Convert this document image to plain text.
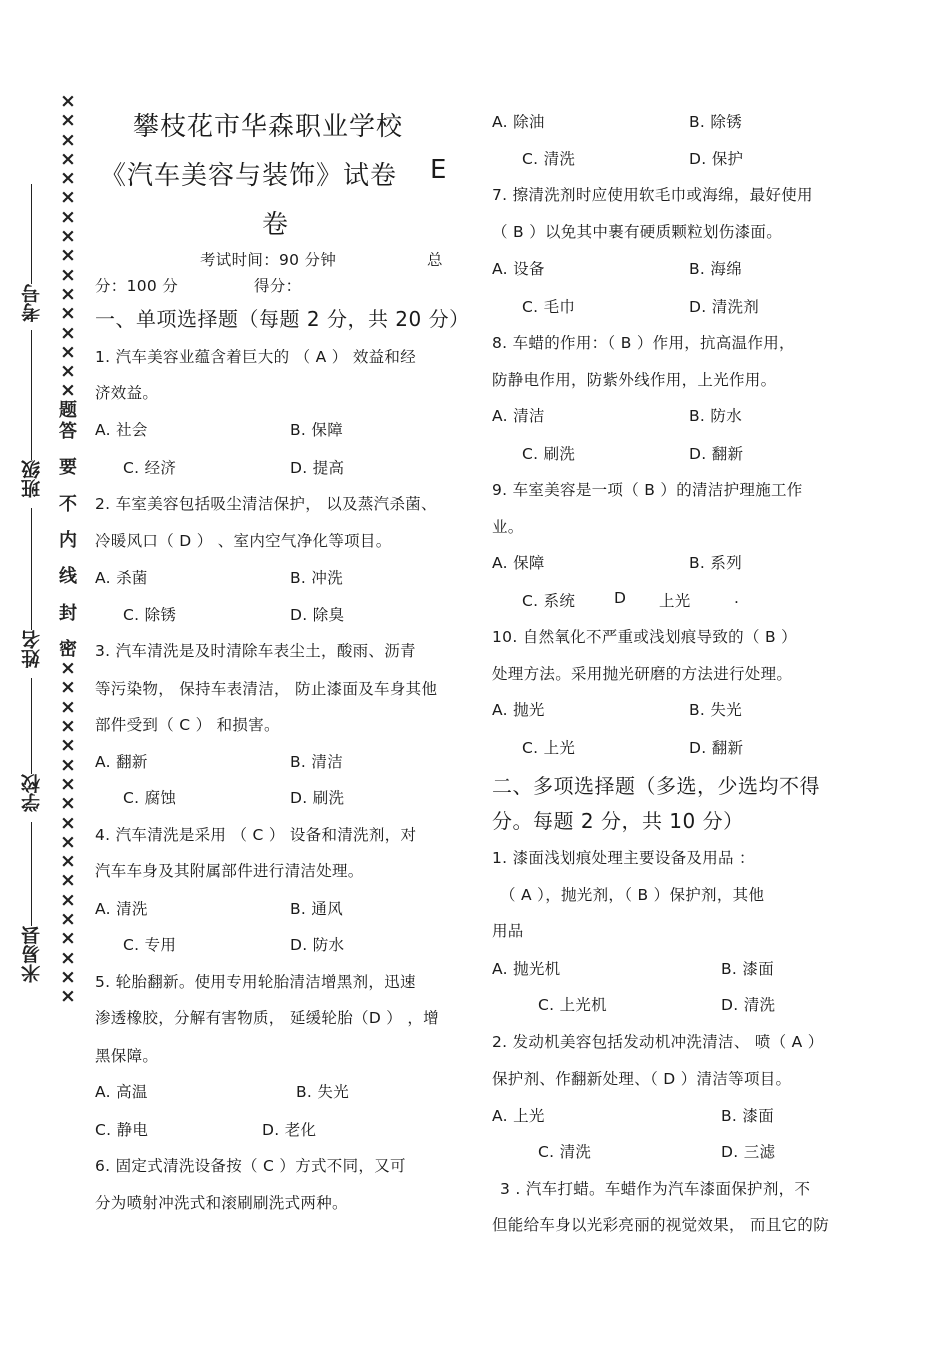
×
×
×
×
×
×
×
×
×
×
×
×
×
×
×
×
题
答
要
不
内
线
封
密
×
×
×
×
×
×
×
×
×
×
×
×
×
×
×
×
×
×
考号
班级
姓名
学校
米易县
攀枝花市华森职业学校
《汽车美容与装饰》试卷 E
卷
考试时间：90 分钟	总
分：100 分	得分：
一、单项选择题（每题 2 分，共 20 分）
1. 汽车美容业蕴含着巨大的 （ A ） 效益和经
济效益。
A. 社会	B. 保障
C. 经济	D. 提高
2. 车室美容包括吸尘清洁保护， 以及蒸汽杀菌、
冷暖风口（ D ） 、室内空气净化等项目。
A. 杀菌	B. 冲洗
C. 除锈	D. 除臭
3. 汽车清洗是及时清除车表尘土，酸雨、沥青
等污染物， 保持车表清洁， 防止漆面及车身其他
部件受到（ C ） 和损害。
A. 翻新	B. 清洁
C. 腐蚀	D. 刷洗
4. 汽车清洗是采用 （ C ） 设备和清洗剂，对
汽车车身及其附属部件进行清洁处理。
A. 清洗	B. 通风
C. 专用	D. 防水
5. 轮胎翻新。使用专用轮胎清洁增黑剂，迅速
渗透橡胶，分解有害物质， 延缓轮胎（D ） ，增
黑保障。
A. 高温	B. 失光
C. 静电	D. 老化
6. 固定式清洗设备按（ C ）方式不同，又可
分为喷射冲洗式和滚刷刷洗式两种。
A. 除油	B. 除锈
C. 清洗	D. 保护
7. 擦清洗剂时应使用软毛巾或海绵，最好使用
（ B ）以免其中裹有硬质颗粒划伤漆面。
A. 设备	B. 海绵
C. 毛巾	D. 清洗剂
8. 车蜡的作用：（ B ）作用，抗高温作用，
防静电作用，防紫外线作用，上光作用。
A. 清洁	B. 防水
C. 刷洗	D. 翻新
9. 车室美容是一项（ B ）的清洁护理施工作
业。
A. 保障	B. 系列
C. 系统	D 上光	.
10. 自然氧化不严重或浅划痕导致的（ B ）
处理方法。采用抛光研磨的方法进行处理。
A. 抛光	B. 失光
C. 上光	D. 翻新
二、多项选择题（多选，少选均不得
分。每题 2 分，共 10 分）
1. 漆面浅划痕处理主要设备及用品 ：
（ A ），抛光剂，（ B ）保护剂，其他
用品
A. 抛光机	B. 漆面
C. 上光机	D. 清洗
2. 发动机美容包括发动机冲洗清洁、 喷（ A ）
保护剂、作翻新处理、（ D ）清洁等项目。
A. 上光	B. 漆面
C. 清洗	D. 三滤
3 . 汽车打蜡。车蜡作为汽车漆面保护剂，不
但能给车身以光彩亮丽的视觉效果， 而且它的防
